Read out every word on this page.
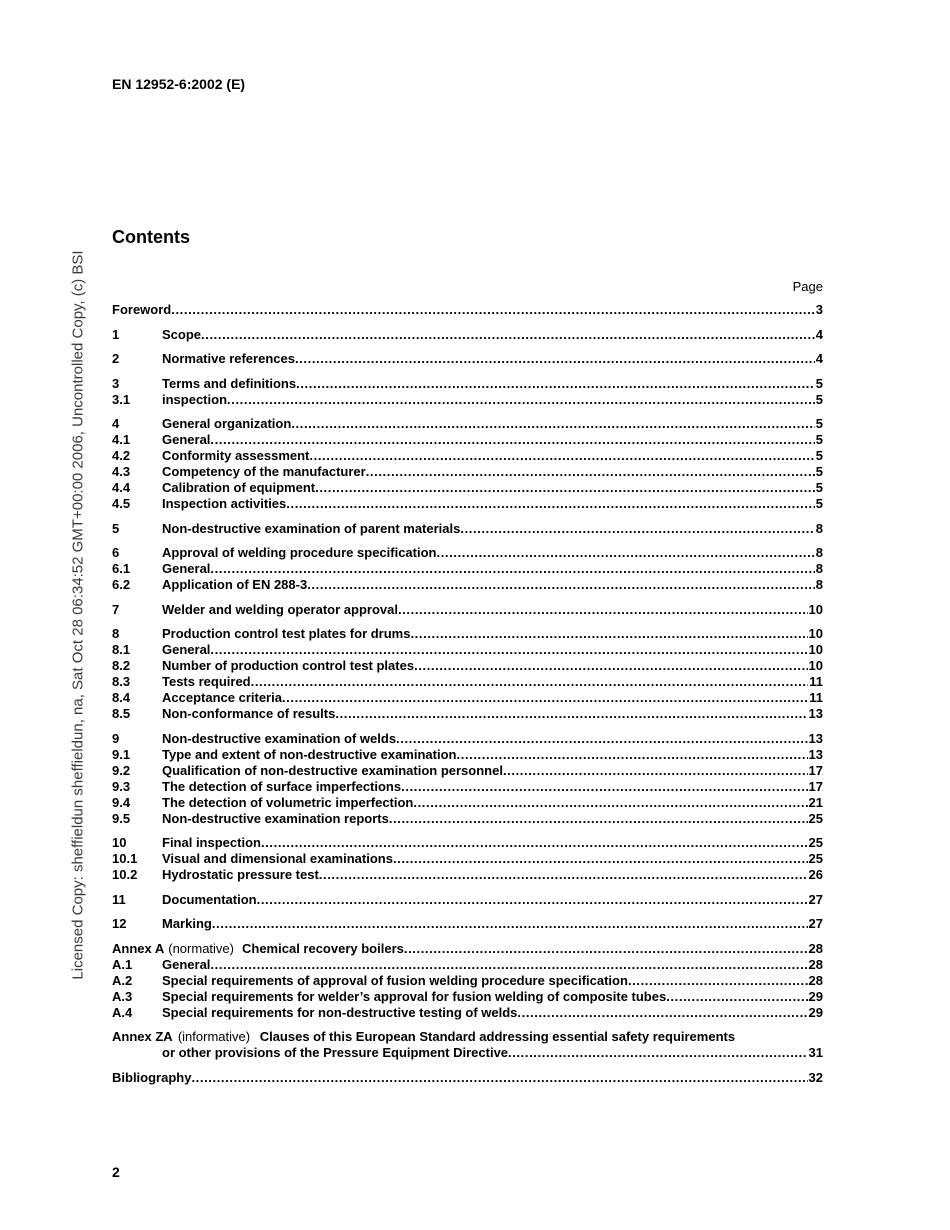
EN 12952-6:2002 (E)
Licensed Copy: sheffieldun sheffieldun, na, Sat Oct 28 06:34:52 GMT+00:00 2006, Uncontrolled Copy, (c) BSI
Contents
Page
Foreword .....	3
1	Scope .....	4
2	Normative references .....	4
3	Terms and definitions .....	5
3.1 inspection .....	5
4	General organization .....	5
4.1 General .....	5
4.2 Conformity assessment .....	5
4.3 Competency of the manufacturer .....	5
4.4 Calibration of equipment .....	5
4.5 Inspection activities .....	5
5	Non-destructive examination of parent materials .....	8
6	Approval of welding procedure specification .....	8
6.1 General .....	8
6.2 Application of EN 288-3 .....	8
7	Welder and welding operator approval .....	10
8	Production control test plates for drums .....	10
8.1 General .....	10
8.2 Number of production control test plates .....	10
8.3 Tests required .....	11
8.4 Acceptance criteria .....	11
8.5 Non-conformance of results .....	13
9	Non-destructive examination of welds .....	13
9.1 Type and extent of non-destructive examination .....	13
9.2 Qualification of non-destructive examination personnel .....	17
9.3 The detection of surface imperfections .....	17
9.4 The detection of volumetric imperfection .....	21
9.5 Non-destructive examination reports .....	25
10	Final inspection .....	25
10.1 Visual and dimensional examinations .....	25
10.2 Hydrostatic pressure test .....	26
11	Documentation .....	27
12	Marking .....	27
Annex A (normative) Chemical recovery boilers .....	28
A.1 General .....	28
A.2 Special requirements of approval of fusion welding procedure specification .....	28
A.3 Special requirements for welder’s approval for fusion welding of composite tubes .....	29
A.4 Special requirements for non-destructive testing of welds .....	29
Annex ZA (informative) Clauses of this European Standard addressing essential safety requirements
or other provisions of the Pressure Equipment Directive .....	31
Bibliography .....	32
2
